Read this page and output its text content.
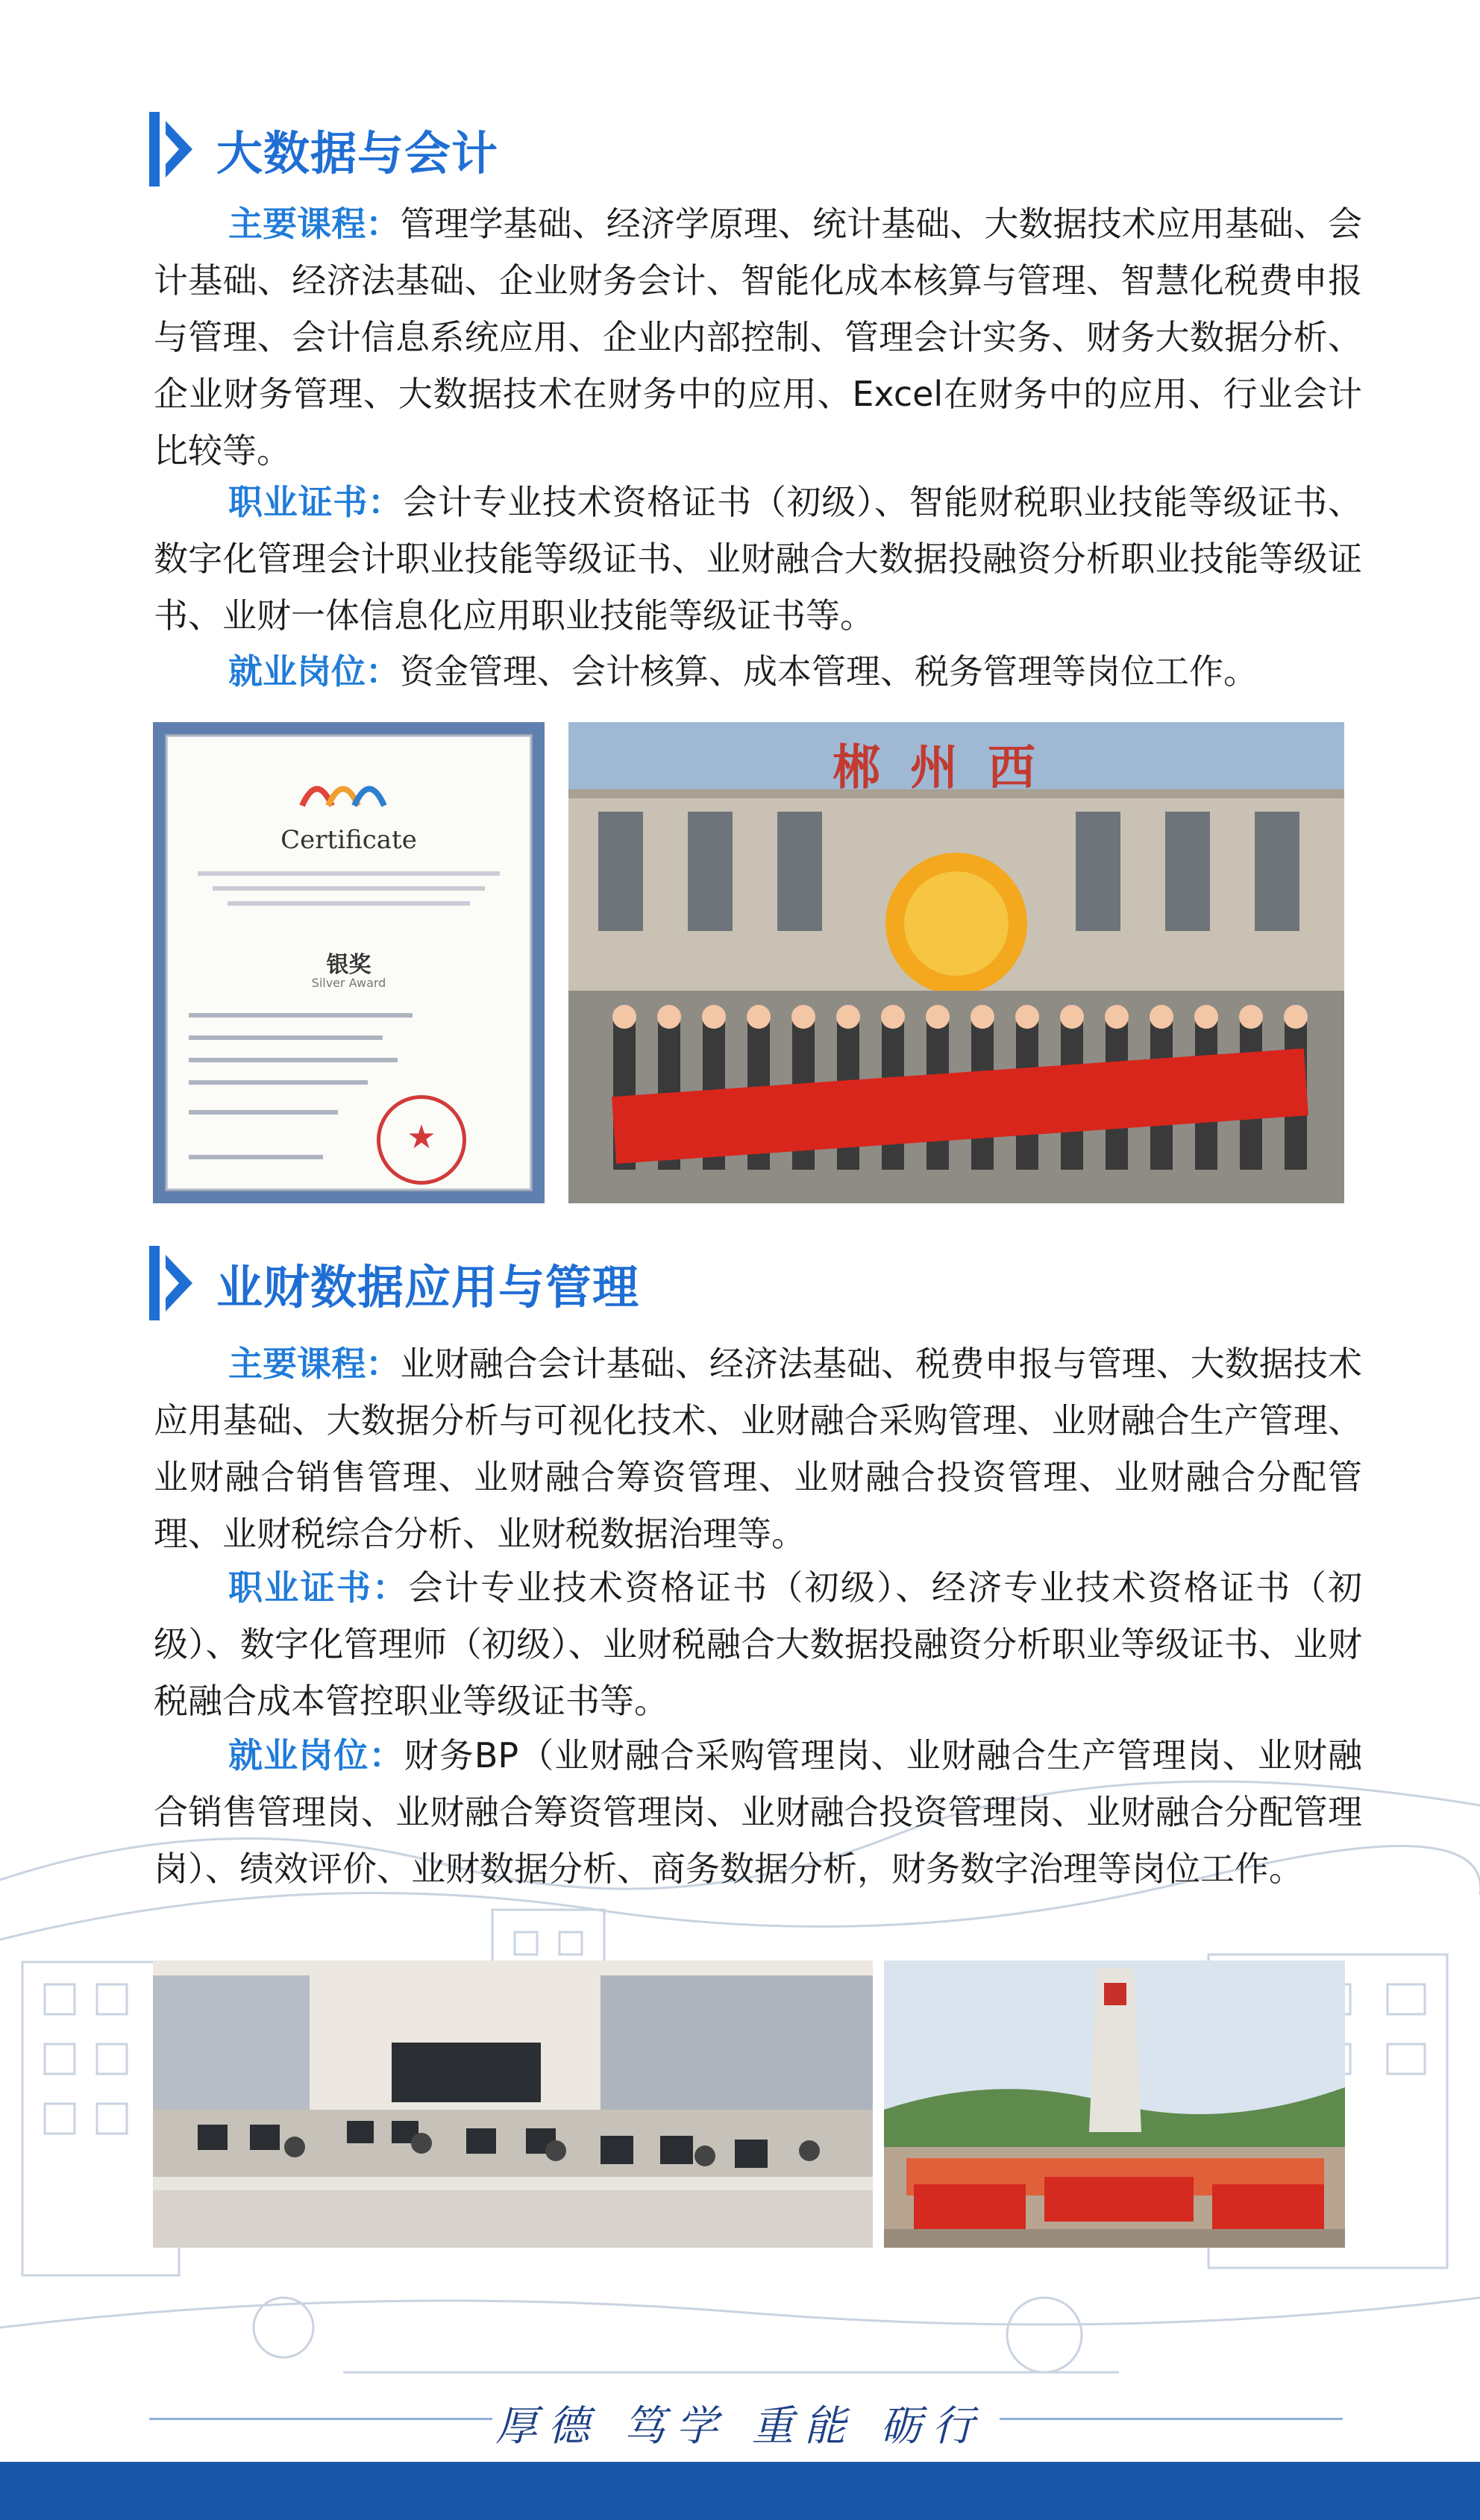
大数据与会计

主要课程：管理学基础、经济学原理、统计基础、大数据技术应用基础、会计基础、经济法基础、企业财务会计、智能化成本核算与管理、智慧化税费申报与管理、会计信息系统应用、企业内部控制、管理会计实务、财务大数据分析、企业财务管理、大数据技术在财务中的应用、Excel在财务中的应用、行业会计比较等。

职业证书：会计专业技术资格证书（初级）、智能财税职业技能等级证书、数字化管理会计职业技能等级证书、业财融合大数据投融资分析职业技能等级证书、业财一体信息化应用职业技能等级证书等。

就业岗位：资金管理、会计核算、成本管理、税务管理等岗位工作。

Certificate
银奖
Silver Award
★
郴州西
业财数据应用与管理

主要课程：业财融合会计基础、经济法基础、税费申报与管理、大数据技术应用基础、大数据分析与可视化技术、业财融合采购管理、业财融合生产管理、业财融合销售管理、业财融合筹资管理、业财融合投资管理、业财融合分配管理、业财税综合分析、业财税数据治理等。

职业证书：会计专业技术资格证书（初级）、经济专业技术资格证书（初级）、数字化管理师（初级）、业财税融合大数据投融资分析职业等级证书、业财税融合成本管控职业等级证书等。

就业岗位：财务BP（业财融合采购管理岗、业财融合生产管理岗、业财融合销售管理岗、业财融合筹资管理岗、业财融合投资管理岗、业财融合分配管理岗）、绩效评价、业财数据分析、商务数据分析，财务数字治理等岗位工作。

厚德 笃学 重能 砺行
